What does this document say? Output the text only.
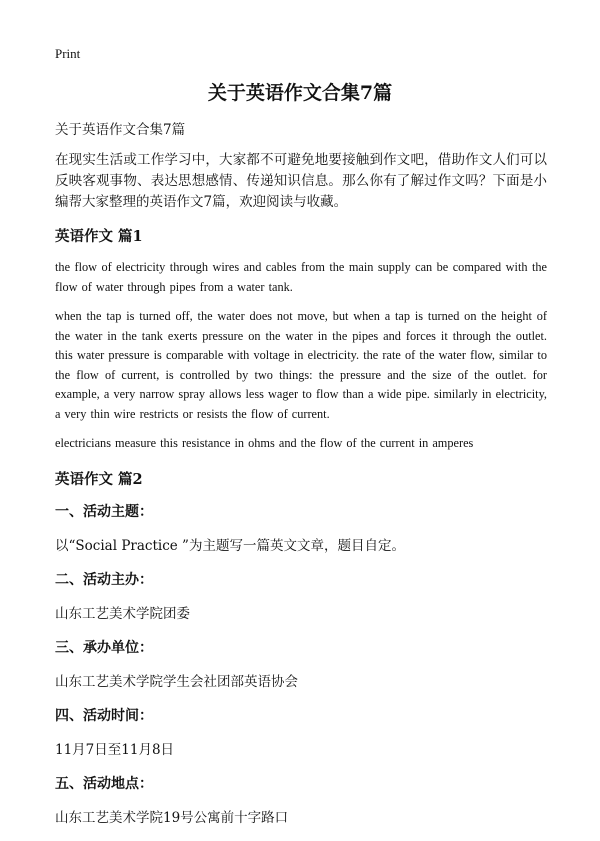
Print
关于英语作文合集7篇

关于英语作文合集7篇

在现实生活或工作学习中，大家都不可避免地要接触到作文吧，借助作文人们可以反映客观事物、表达思想感情、传递知识信息。那么你有了解过作文吗？下面是小编帮大家整理的英语作文7篇，欢迎阅读与收藏。

英语作文 篇1

the flow of electricity through wires and cables from the main supply can be compared with the flow of water through pipes from a water tank.

when the tap is turned off, the water does not move, but when a tap is turned on the height of the water in the tank exerts pressure on the water in the pipes and forces it through the outlet. this water pressure is comparable with voltage in electricity. the rate of the water flow, similar to the flow of current, is controlled by two things: the pressure and the size of the outlet. for example, a very narrow spray allows less wager to flow than a wide pipe. similarly in electricity, a very thin wire restricts or resists the flow of current.

electricians measure this resistance in ohms and the flow of the current in amperes

英语作文 篇2
一、活动主题：

以“Social Practice ”为主题写一篇英文文章，题目自定。

二、活动主办：

山东工艺美术学院团委

三、承办单位：

山东工艺美术学院学生会社团部英语协会

四、活动时间：

11月7日至11月8日

五、活动地点：

山东工艺美术学院19号公寓前十字路口
